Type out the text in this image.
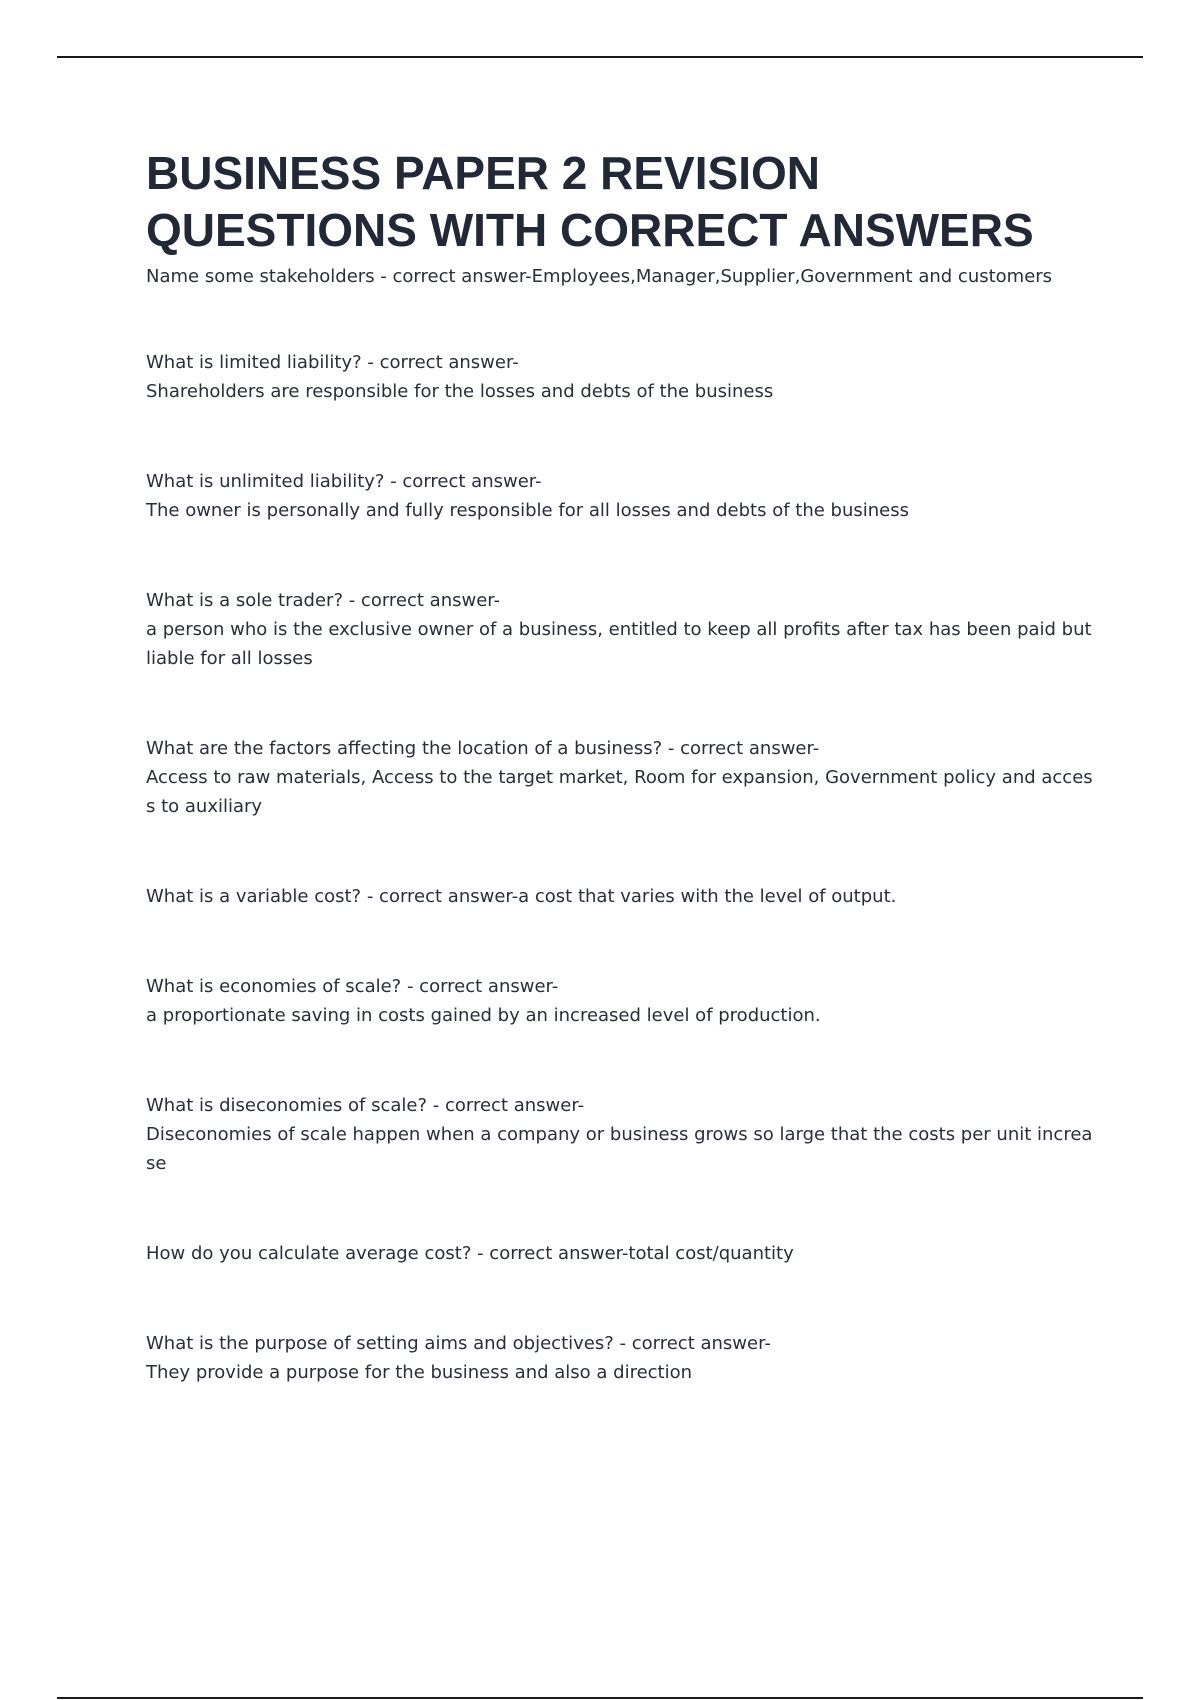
BUSINESS PAPER 2 REVISION
QUESTIONS WITH CORRECT ANSWERS

Name some stakeholders - correct answer-Employees,Manager,Supplier,Government and customers

What is limited liability? - correct answer-
Shareholders are responsible for the losses and debts of the business
What is unlimited liability? - correct answer-
The owner is personally and fully responsible for all losses and debts of the business
What is a sole trader? - correct answer-
a person who is the exclusive owner of a business, entitled to keep all profits after tax has been paid but liable for all losses
What are the factors affecting the location of a business? - correct answer-
Access to raw materials, Access to the target market, Room for expansion, Government policy and access to auxiliary
What is a variable cost? - correct answer-a cost that varies with the level of output.
What is economies of scale? - correct answer-
a proportionate saving in costs gained by an increased level of production.
What is diseconomies of scale? - correct answer-
Diseconomies of scale happen when a company or business grows so large that the costs per unit increase
How do you calculate average cost? - correct answer-total cost/quantity
What is the purpose of setting aims and objectives? - correct answer-
They provide a purpose for the business and also a direction
